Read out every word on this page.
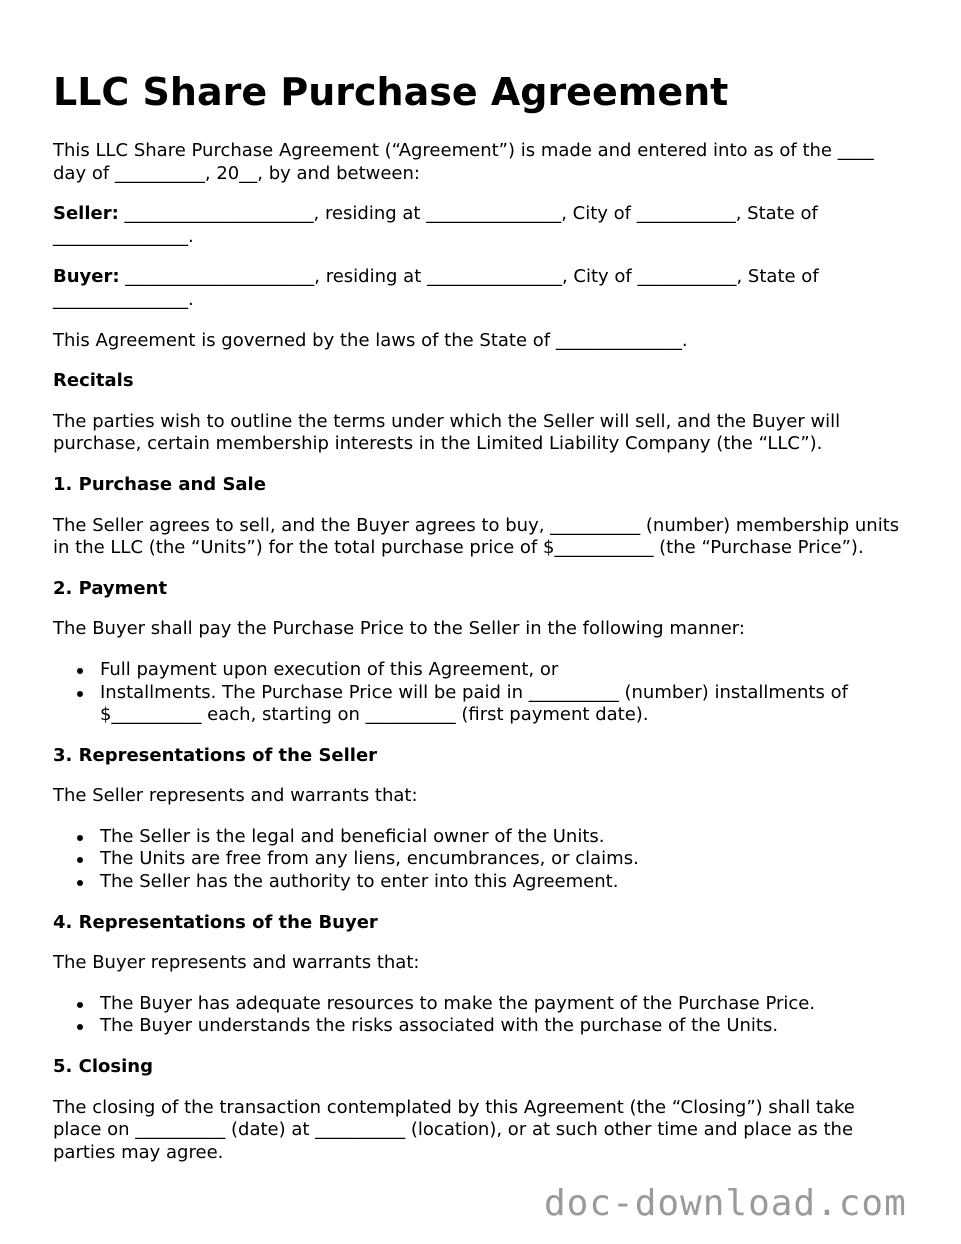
LLC Share Purchase Agreement

This LLC Share Purchase Agreement (“Agreement”) is made and entered into as of the ____ day of __________, 20__, by and between:

Seller: _____________________, residing at _______________, City of ___________, State of _______________.

Buyer: _____________________, residing at _______________, City of ___________, State of _______________.

This Agreement is governed by the laws of the State of ______________.

Recitals

The parties wish to outline the terms under which the Seller will sell, and the Buyer will purchase, certain membership interests in the Limited Liability Company (the “LLC”).

1. Purchase and Sale

The Seller agrees to sell, and the Buyer agrees to buy, __________ (number) membership units in the LLC (the “Units”) for the total purchase price of $___________ (the “Purchase Price”).

2. Payment

The Buyer shall pay the Purchase Price to the Seller in the following manner:

Full payment upon execution of this Agreement, or
Installments. The Purchase Price will be paid in __________ (number) installments of $__________ each, starting on __________ (first payment date).

3. Representations of the Seller

The Seller represents and warrants that:

The Seller is the legal and beneficial owner of the Units.
The Units are free from any liens, encumbrances, or claims.
The Seller has the authority to enter into this Agreement.

4. Representations of the Buyer

The Buyer represents and warrants that:

The Buyer has adequate resources to make the payment of the Purchase Price.
The Buyer understands the risks associated with the purchase of the Units.

5. Closing

The closing of the transaction contemplated by this Agreement (the “Closing”) shall take place on __________ (date) at __________ (location), or at such other time and place as the parties may agree.

doc-download.com
